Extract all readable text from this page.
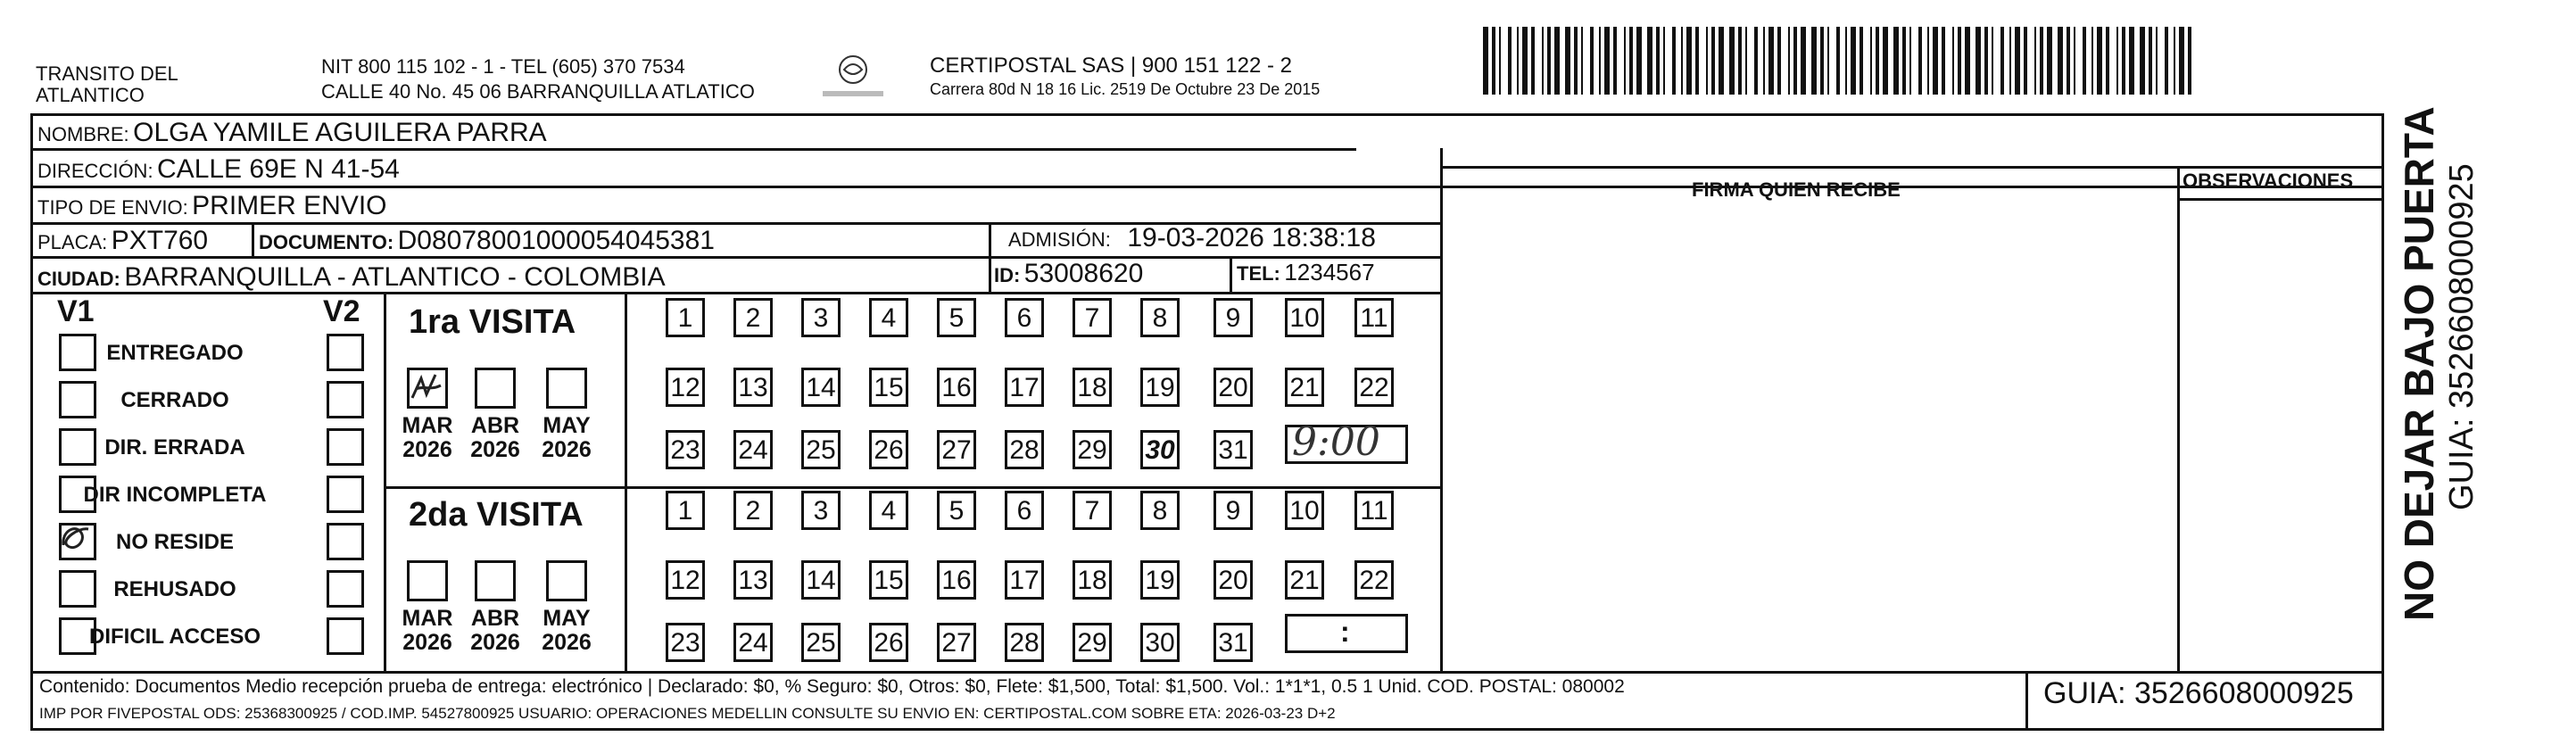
TRANSITO DEL
ATLANTICO
NIT 800 115 102 - 1 - TEL (605) 370 7534
CALLE 40 No. 45 06 BARRANQUILLA ATLATICO
CERTIPOSTAL SAS | 900 151 122 - 2
Carrera 80d N 18 16 Lic. 2519 De Octubre 23 De 2015
NOMBRE: OLGA YAMILE AGUILERA PARRA
DIRECCIÓN: CALLE 69E N 41-54
TIPO DE ENVIO: PRIMER ENVIO
PLACA: PXT760	DOCUMENTO: D08078001000054045381	ADMISIÓN: 19-03-2026 18:38:18
CIUDAD: BARRANQUILLA - ATLANTICO - COLOMBIA	ID: 53008620	TEL: 1234567
FIRMA QUIEN RECIBE	OBSERVACIONES
V1	V2
ENTREGADO
CERRADO
DIR. ERRADA
DIR INCOMPLETA
NO RESIDE
REHUSADO
DIFICIL ACCESO
1ra VISITA
2da VISITA
MAR
2026
ABR
2026
MAY
2026
MAR
2026
ABR
2026
MAY
2026
1	2	3	4	5	6	7	8	9	10 11
12 13 14 15 16 17 18 19 20 21 22
23 24 25 26 27 28 29 30 31
1	2	3	4	5	6	7	8	9	10 11
12 13 14 15 16 17 18 19 20 21 22
23 24 25 26 27 28 29 30 31
9:00
:
Contenido: Documentos Medio recepción prueba de entrega: electrónico | Declarado: $0, % Seguro: $0, Otros: $0, Flete: $1,500, Total: $1,500. Vol.: 1*1*1, 0.5 1 Unid. COD. POSTAL: 080002
IMP POR FIVEPOSTAL ODS: 25368300925 / COD.IMP. 54527800925 USUARIO: OPERACIONES MEDELLIN CONSULTE SU ENVIO EN: CERTIPOSTAL.COM SOBRE ETA: 2026-03-23 D+2
GUIA: 3526608000925
NO DEJAR BAJO PUERTA GUIA: 3526608000925
